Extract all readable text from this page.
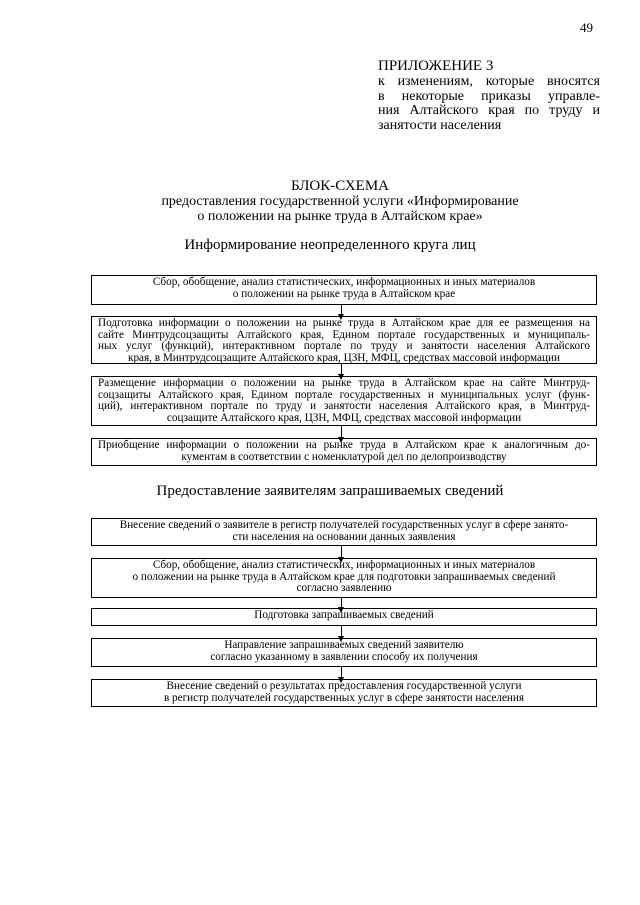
49
ПРИЛОЖЕНИЕ 3
к изменениям, которые вносятся
в некоторые приказы управле-
ния Алтайского края по труду и
занятости населения
БЛОК-СХЕМА
предоставления государственной услуги «Информирование
о положении на рынке труда в Алтайском крае»
Информирование неопределенного круга лиц
Сбор, обобщение, анализ статистических, информационных и иных материалов
о положении на рынке труда в Алтайском крае
Подготовка информации о положении на рынке труда в Алтайском крае для ее размещения на
сайте Минтрудсоцзащиты Алтайского края, Едином портале государственных и муниципаль-
ных услуг (функций), интерактивном портале по труду и занятости населения Алтайского
края, в Минтрудсоцзащите Алтайского края, ЦЗН, МФЦ, средствах массовой информации
Размещение информации о положении на рынке труда в Алтайском крае на сайте Минтруд-
соцзащиты Алтайского края, Едином портале государственных и муниципальных услуг (функ-
ций), интерактивном портале по труду и занятости населения Алтайского края, в Минтруд-
соцзащите Алтайского края, ЦЗН, МФЦ, средствах массовой информации
Приобщение информации о положении на рынке труда в Алтайском крае к аналогичным до-
кументам в соответствии с номенклатурой дел по делопроизводству
Предоставление заявителям запрашиваемых сведений
Внесение сведений о заявителе в регистр получателей государственных услуг в сфере занято-
сти населения на основании данных заявления
Сбор, обобщение, анализ статистических, информационных и иных материалов
о положении на рынке труда в Алтайском крае для подготовки запрашиваемых сведений
согласно заявлению
Подготовка запрашиваемых сведений
Направление запрашиваемых сведений заявителю
согласно указанному в заявлении способу их получения
Внесение сведений о результатах предоставления государственной услуги
в регистр получателей государственных услуг в сфере занятости населения
